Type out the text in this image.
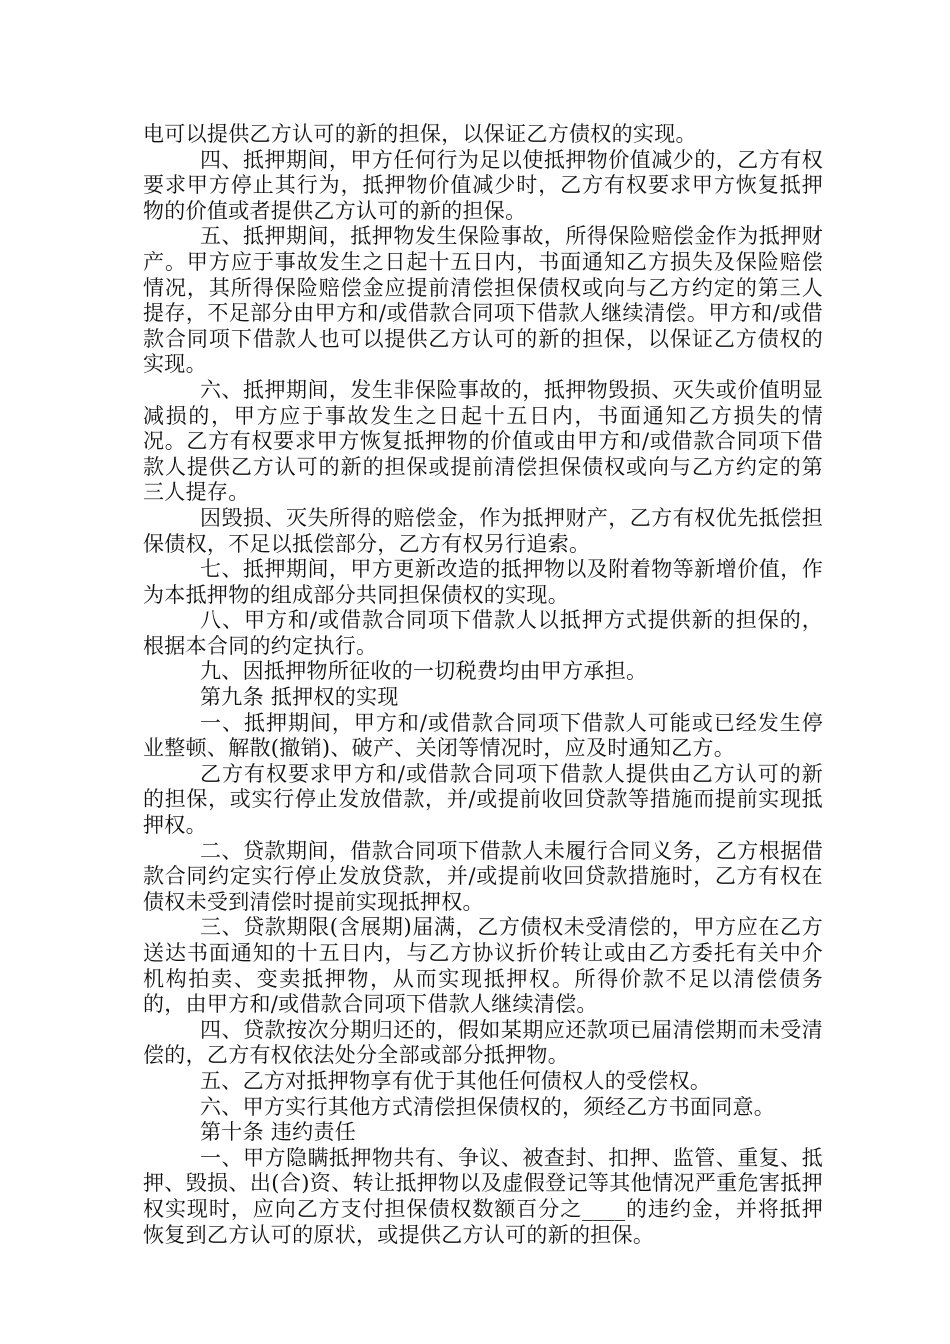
电可以提供乙方认可的新的担保，以保证乙方债权的实现。

四、抵押期间，甲方任何行为足以使抵押物价值减少的，乙方有权要求甲方停止其行为，抵押物价值减少时，乙方有权要求甲方恢复抵押物的价值或者提供乙方认可的新的担保。

五、抵押期间，抵押物发生保险事故，所得保险赔偿金作为抵押财产。甲方应于事故发生之日起十五日内，书面通知乙方损失及保险赔偿情况，其所得保险赔偿金应提前清偿担保债权或向与乙方约定的第三人提存，不足部分由甲方和/或借款合同项下借款人继续清偿。甲方和/或借款合同项下借款人也可以提供乙方认可的新的担保，以保证乙方债权的实现。

六、抵押期间，发生非保险事故的，抵押物毁损、灭失或价值明显减损的，甲方应于事故发生之日起十五日内，书面通知乙方损失的情况。乙方有权要求甲方恢复抵押物的价值或由甲方和/或借款合同项下借款人提供乙方认可的新的担保或提前清偿担保债权或向与乙方约定的第三人提存。

因毁损、灭失所得的赔偿金，作为抵押财产，乙方有权优先抵偿担保债权，不足以抵偿部分，乙方有权另行追索。

七、抵押期间，甲方更新改造的抵押物以及附着物等新增价值，作为本抵押物的组成部分共同担保债权的实现。

八、甲方和/或借款合同项下借款人以抵押方式提供新的担保的，根据本合同的约定执行。

九、因抵押物所征收的一切税费均由甲方承担。

第九条 抵押权的实现

一、抵押期间，甲方和/或借款合同项下借款人可能或已经发生停业整顿、解散(撤销)、破产、关闭等情况时，应及时通知乙方。

乙方有权要求甲方和/或借款合同项下借款人提供由乙方认可的新的担保，或实行停止发放借款，并/或提前收回贷款等措施而提前实现抵押权。

二、贷款期间，借款合同项下借款人未履行合同义务，乙方根据借款合同约定实行停止发放贷款，并/或提前收回贷款措施时，乙方有权在债权未受到清偿时提前实现抵押权。

三、贷款期限(含展期)届满，乙方债权未受清偿的，甲方应在乙方送达书面通知的十五日内，与乙方协议折价转让或由乙方委托有关中介机构拍卖、变卖抵押物，从而实现抵押权。所得价款不足以清偿债务的，由甲方和/或借款合同项下借款人继续清偿。

四、贷款按次分期归还的，假如某期应还款项已届清偿期而未受清偿的，乙方有权依法处分全部或部分抵押物。

五、乙方对抵押物享有优于其他任何债权人的受偿权。

六、甲方实行其他方式清偿担保债权的，须经乙方书面同意。

第十条 违约责任

一、甲方隐瞒抵押物共有、争议、被查封、扣押、监管、重复、抵押、毁损、出(合)资、转让抵押物以及虚假登记等其他情况严重危害抵押权实现时，应向乙方支付担保债权数额百分之____的违约金，并将抵押恢复到乙方认可的原状，或提供乙方认可的新的担保。
